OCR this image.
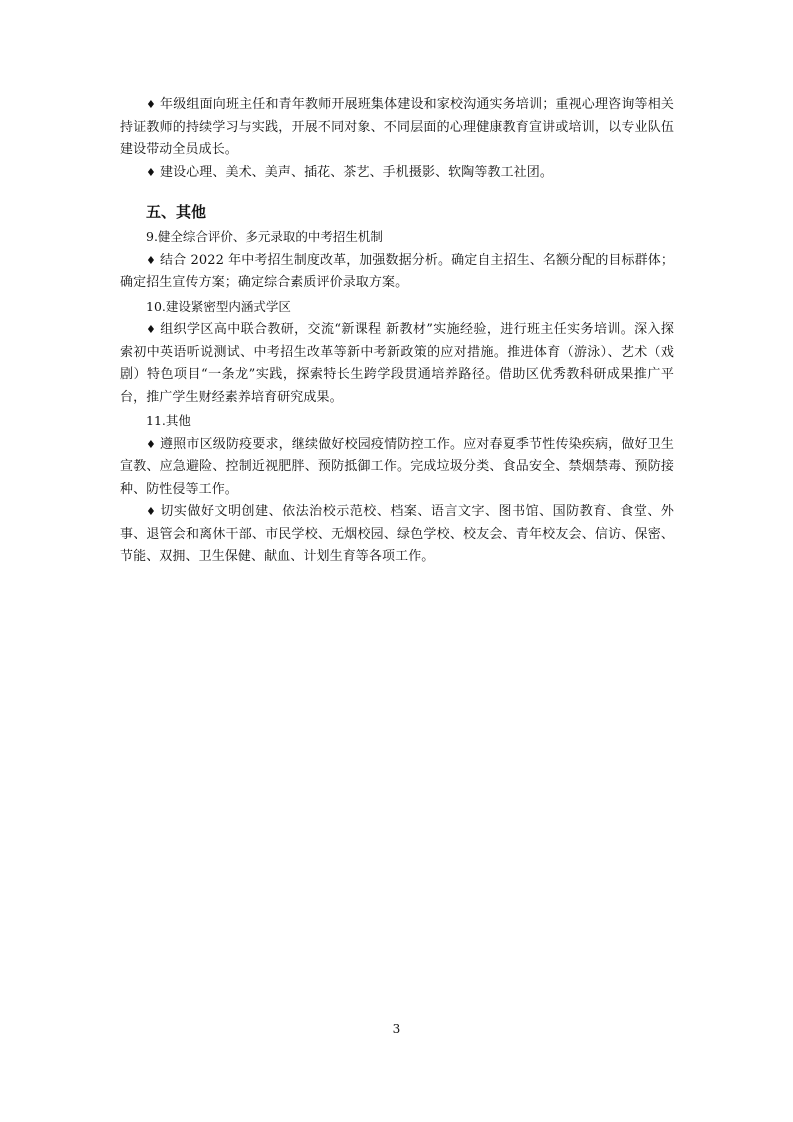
♦ 年级组面向班主任和青年教师开展班集体建设和家校沟通实务培训；重视心理咨询等相关持证教师的持续学习与实践，开展不同对象、不同层面的心理健康教育宣讲或培训，以专业队伍建设带动全员成长。

♦ 建设心理、美术、美声、插花、茶艺、手机摄影、软陶等教工社团。

五、其他
9.健全综合评价、多元录取的中考招生机制

♦ 结合 2022 年中考招生制度改革，加强数据分析。确定自主招生、名额分配的目标群体；确定招生宣传方案；确定综合素质评价录取方案。

10.建设紧密型内涵式学区

♦ 组织学区高中联合教研，交流“新课程 新教材”实施经验，进行班主任实务培训。深入探索初中英语听说测试、中考招生改革等新中考新政策的应对措施。推进体育（游泳）、艺术（戏剧）特色项目“一条龙”实践，探索特长生跨学段贯通培养路径。借助区优秀教科研成果推广平台，推广学生财经素养培育研究成果。

11.其他

♦ 遵照市区级防疫要求，继续做好校园疫情防控工作。应对春夏季节性传染疾病，做好卫生宣教、应急避险、控制近视肥胖、预防抵御工作。完成垃圾分类、食品安全、禁烟禁毒、预防接种、防性侵等工作。

♦ 切实做好文明创建、依法治校示范校、档案、语言文字、图书馆、国防教育、食堂、外事、退管会和离休干部、市民学校、无烟校园、绿色学校、校友会、青年校友会、信访、保密、节能、双拥、卫生保健、献血、计划生育等各项工作。

3
